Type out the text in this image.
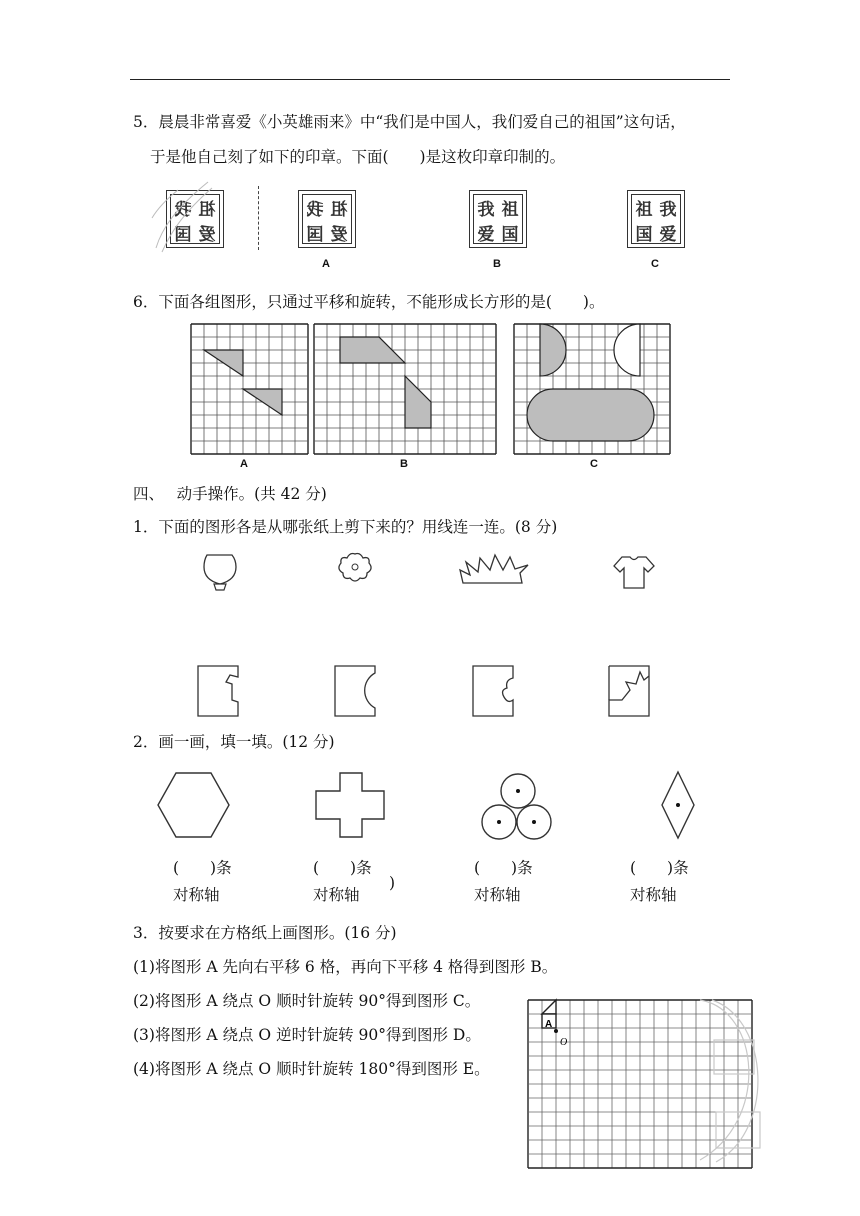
5．晨晨非常喜爱《小英雄雨来》中“我们是中国人，我们爱自己的祖国”这句话，
于是他自己刻了如下的印章。下面(　　)是这枚印章印制的。
祖
我
爱
国
祖
我
爱
国
A
我 祖
爱 国
B
祖 我
国 爱
C
6．下面各组图形，只通过平移和旋转，不能形成长方形的是(　　)。
A	B	C
四、　 动手操作。(共 42 分)
1．下面的图形各是从哪张纸上剪下来的？用线连一连。(8 分)
2．画一画，填一填。(12 分)
(　　)条
对称轴
(　　)条
)
对称轴
(　　)条
对称轴
(　　)条
对称轴
3．按要求在方格纸上画图形。(16 分)
(1)将图形 A 先向右平移 6 格，再向下平移 4 格得到图形 B。
(2)将图形 A 绕点 O 顺时针旋转 90°得到图形 C。
(3)将图形 A 绕点 O 逆时针旋转 90°得到图形 D。
(4)将图形 A 绕点 O 顺时针旋转 180°得到图形 E。
A
O
